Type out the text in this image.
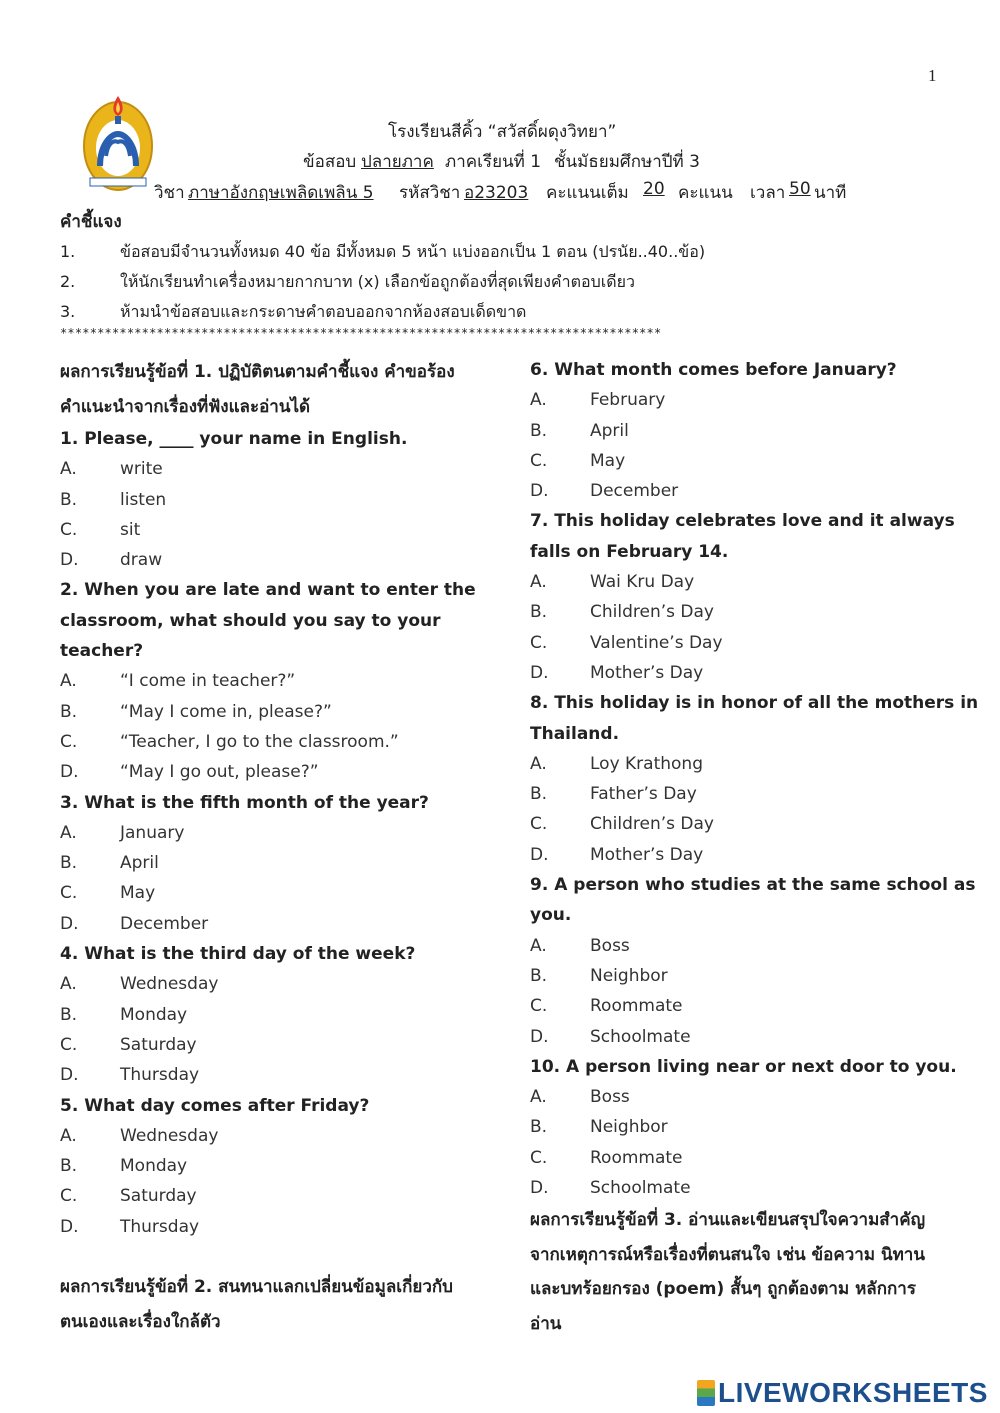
1
โรงเรียนสีคิ้ว “สวัสดิ์ผดุงวิทยา”
ข้อสอบ ปลายภาค ภาคเรียนที่ 1 ชั้นมัธยมศึกษาปีที่ 3
วิชา ภาษาอังกฤษเพลิดเพลิน 5 รหัสวิชา อ23203 คะแนนเต็ม 20 คะแนน เวลา 50 นาที
คำชี้แจง
1.	ข้อสอบมีจำนวนทั้งหมด 40 ข้อ มีทั้งหมด 5 หน้า แบ่งออกเป็น 1 ตอน (ปรนัย..40..ข้อ)
2.	ให้นักเรียนทำเครื่องหมายกากบาท (x) เลือกข้อถูกต้องที่สุดเพียงคำตอบเดียว
3.	ห้ามนำข้อสอบและกระดาษคำตอบออกจากห้องสอบเด็ดขาด
*********************************************************************************
ผลการเรียนรู้ข้อที่ 1. ปฏิบัติตนตามคำชี้แจง คำขอร้อง
คำแนะนำจากเรื่องที่ฟังและอ่านได้
1. Please, ____ your name in English.
A.	write
B.	listen
C.	sit
D. draw
2. When you are late and want to enter the
classroom, what should you say to your
teacher?
A.	“I come in teacher?”
B.	“May I come in, please?”
C.	“Teacher, I go to the classroom.”
D. “May I go out, please?”
3. What is the fifth month of the year?
A.	January
B.	April
C.	May
D. December
4. What is the third day of the week?
A.	Wednesday
B.	Monday
C.	Saturday
D. Thursday
5. What day comes after Friday?
A.	Wednesday
B.	Monday
C.	Saturday
D. Thursday
ผลการเรียนรู้ข้อที่ 2. สนทนาแลกเปลี่ยนข้อมูลเกี่ยวกับ
ตนเองและเรื่องใกล้ตัว
6. What month comes before January?
A.	February
B.	April
C.	May
D. December
7. This holiday celebrates love and it always
falls on February 14.
A.	Wai Kru Day
B.	Children’s Day
C.	Valentine’s Day
D. Mother’s Day
8. This holiday is in honor of all the mothers in
Thailand.
A.	Loy Krathong
B.	Father’s Day
C.	Children’s Day
D. Mother’s Day
9. A person who studies at the same school as
you.
A.	Boss
B.	Neighbor
C.	Roommate
D. Schoolmate
10. A person living near or next door to you.
A.	Boss
B.	Neighbor
C.	Roommate
D. Schoolmate
ผลการเรียนรู้ข้อที่ 3. อ่านและเขียนสรุปใจความสำคัญ
จากเหตุการณ์หรือเรื่องที่ตนสนใจ เช่น ข้อความ นิทาน
และบทร้อยกรอง (poem) สั้นๆ ถูกต้องตาม หลักการ
อ่าน
LIVEWORKSHEETS
